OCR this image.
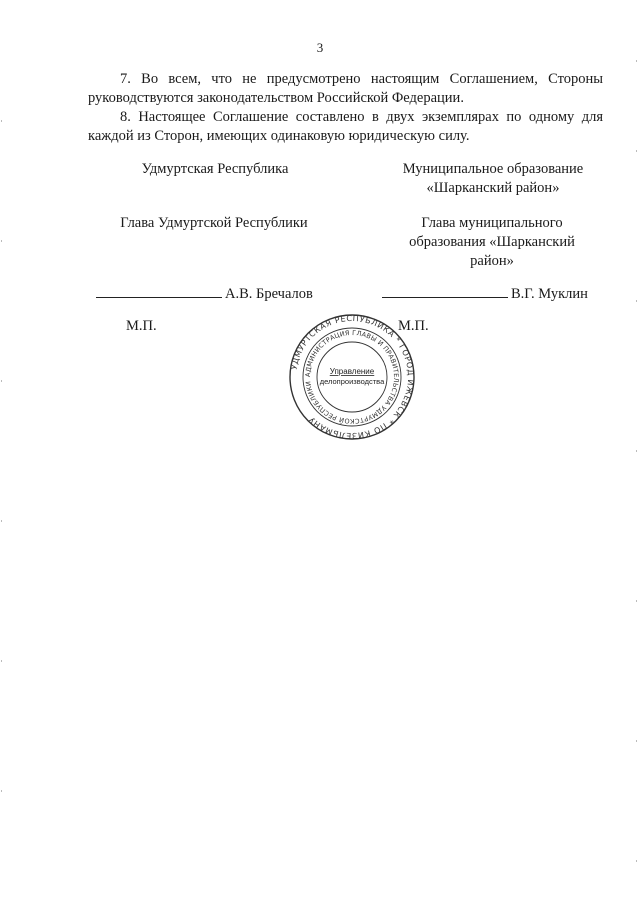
3
7. Во всем, что не предусмотрено настоящим Соглашением, Стороны руководствуются законодательством Российской Федерации.
8. Настоящее Соглашение составлено в двух экземплярах по одному для каждой из Сторон, имеющих одинаковую юридическую силу.
Удмуртская Республика	Муниципальное образование
«Шарканский район»
Глава Удмуртской Республики	Глава муниципального
образования «Шарканский
район»
А.В. Бречалов	В.Г. Муклин
М.П.	М.П.
УДМУРТСКАЯ РЕСПУБЛИКА * ГОРОД ИЖЕВСК * ПО КИЗЕЛЬМАНУ
АДМИНИСТРАЦИЯ ГЛАВЫ И ПРАВИТЕЛЬСТВА УДМУРТСКОЙ РЕСПУБЛИКИ
Управление
делопроизводства
